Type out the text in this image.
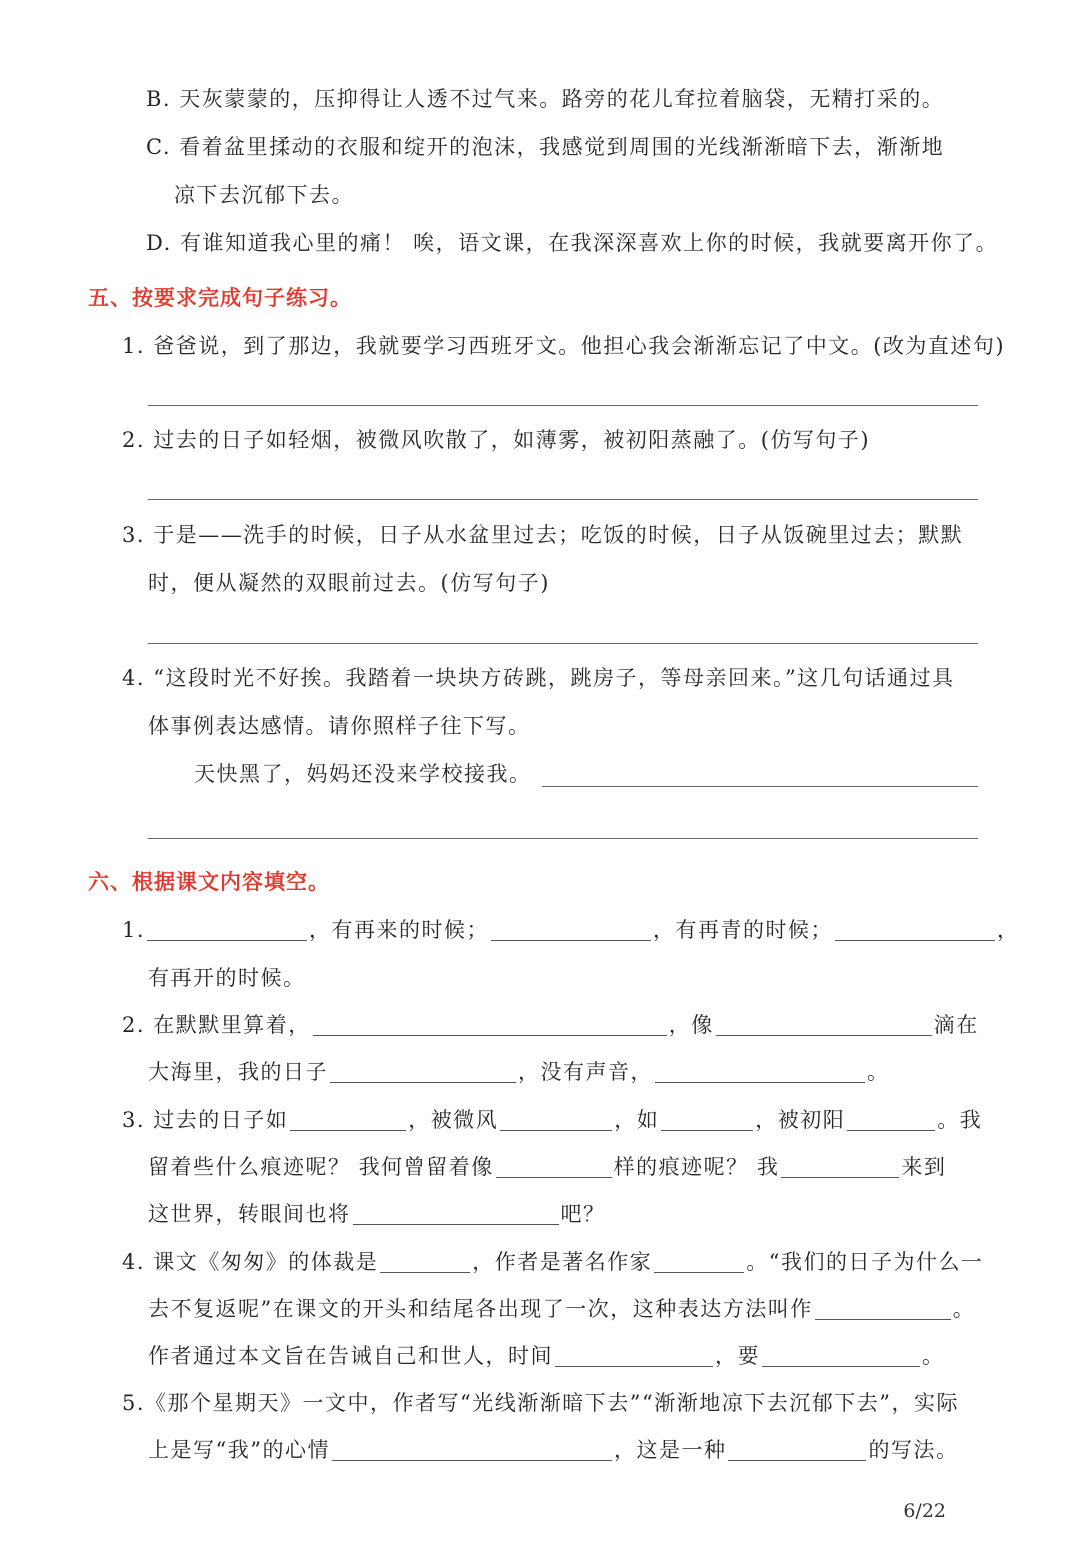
B. 天灰蒙蒙的，压抑得让人透不过气来。路旁的花儿耷拉着脑袋，无精打采的。
C. 看着盆里揉动的衣服和绽开的泡沫，我感觉到周围的光线渐渐暗下去，渐渐地
凉下去沉郁下去。
D. 有谁知道我心里的痛！ 唉，语文课，在我深深喜欢上你的时候，我就要离开你了。
五、按要求完成句子练习。
1. 爸爸说，到了那边，我就要学习西班牙文。他担心我会渐渐忘记了中文。(改为直述句)
2. 过去的日子如轻烟，被微风吹散了，如薄雾，被初阳蒸融了。(仿写句子)
3. 于是——洗手的时候，日子从水盆里过去；吃饭的时候，日子从饭碗里过去；默默
时，便从凝然的双眼前过去。(仿写句子)
4. “这段时光不好挨。我踏着一块块方砖跳，跳房子，等母亲回来。”这几句话通过具
体事例表达感情。请你照样子往下写。
天快黑了，妈妈还没来学校接我。
六、根据课文内容填空。
1.	，有再来的时候；	，有再青的时候；	，
有再开的时候。
2. 在默默里算着，	，像	滴在
大海里，我的日子	，没有声音，	。
3. 过去的日子如	，被微风	，如	，被初阳	。我
留着些什么痕迹呢？ 我何曾留着像	样的痕迹呢？ 我	来到
这世界，转眼间也将	吧？
4. 课文《匆匆》的体裁是	，作者是著名作家	。“我们的日子为什么一
去不复返呢”在课文的开头和结尾各出现了一次，这种表达方法叫作	。
作者通过本文旨在告诫自己和世人，时间	，要	。
5.《那个星期天》一文中，作者写“光线渐渐暗下去”“渐渐地凉下去沉郁下去”，实际
上是写“我”的心情	，这是一种	的写法。
6/22
